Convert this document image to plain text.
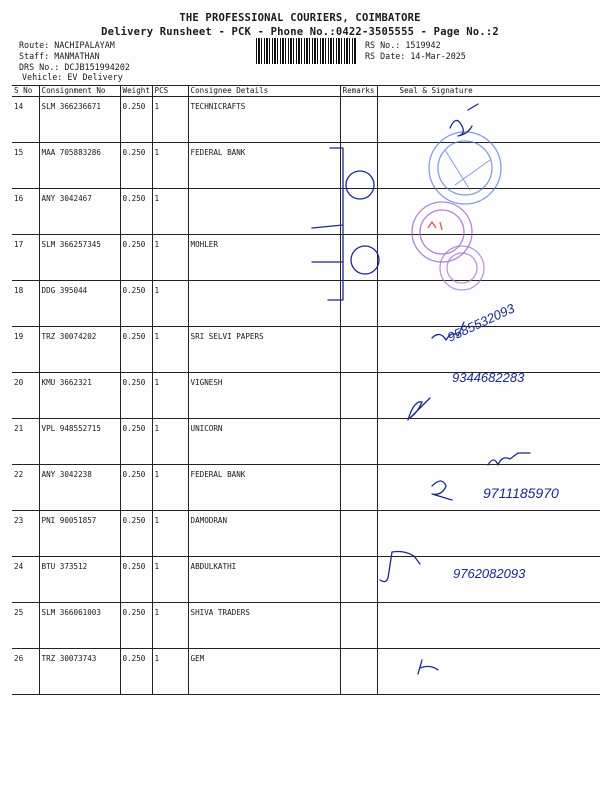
THE PROFESSIONAL COURIERS, COIMBATORE
Delivery Runsheet - PCK - Phone No.:0422-3505555 - Page No.:2
Route: NACHIPALAYAM
Staff: MANMATHAN
DRS No.: DCJB151994202
Vehicle: EV Delivery
RS No.: 1519942
RS Date: 14-Mar-2025
S No	Consignment No	Weight	PCS	Consignee Details	Remarks	Seal & Signature
14	SLM 366236671	0.250	1	TECHNICRAFTS		
15	MAA 705883286	0.250	1	FEDERAL BANK		
16	ANY 3042467	0.250	1			
17	SLM 366257345	0.250	1	MOHLER		
18	DDG 395044	0.250	1			
19	TRZ 30074202	0.250	1	SRI SELVI PAPERS		
20	KMU 3662321	0.250	1	VIGNESH		
21	VPL 948552715	0.250	1	UNICORN		
22	ANY 3042238	0.250	1	FEDERAL BANK		
23	PNI 90051857	0.250	1	DAMODRAN		
24	BTU 373512	0.250	1	ABDULKATHI		
25	SLM 366061003	0.250	1	SHIVA TRADERS		
26	TRZ 30073743	0.250	1	GEM		
9585532093
9344682283
9711185970
9762082093
